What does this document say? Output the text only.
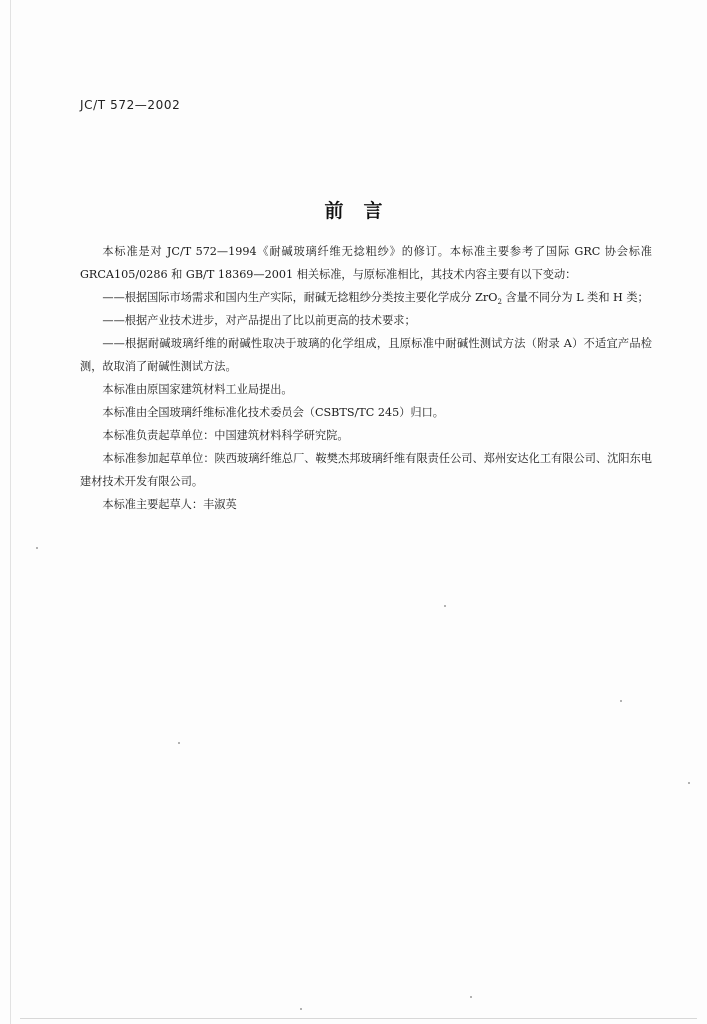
JC/T 572—2002
前言

本标准是对 JC/T 572—1994《耐碱玻璃纤维无捻粗纱》的修订。本标准主要参考了国际 GRC 协会标准 GRCA105/0286 和 GB/T 18369—2001 相关标准，与原标准相比，其技术内容主要有以下变动：

——根据国际市场需求和国内生产实际，耐碱无捻粗纱分类按主要化学成分 ZrO$_2$ 含量不同分为 L 类和 H 类；

——根据产业技术进步，对产品提出了比以前更高的技术要求；

——根据耐碱玻璃纤维的耐碱性取决于玻璃的化学组成，且原标准中耐碱性测试方法（附录 A）不适宜产品检测，故取消了耐碱性测试方法。

本标准由原国家建筑材料工业局提出。

本标准由全国玻璃纤维标准化技术委员会（CSBTS/TC 245）归口。

本标准负责起草单位：中国建筑材料科学研究院。

本标准参加起草单位：陕西玻璃纤维总厂、鞍樊杰邦玻璃纤维有限责任公司、郑州安达化工有限公司、沈阳东电建材技术开发有限公司。

本标准主要起草人：丰淑英
